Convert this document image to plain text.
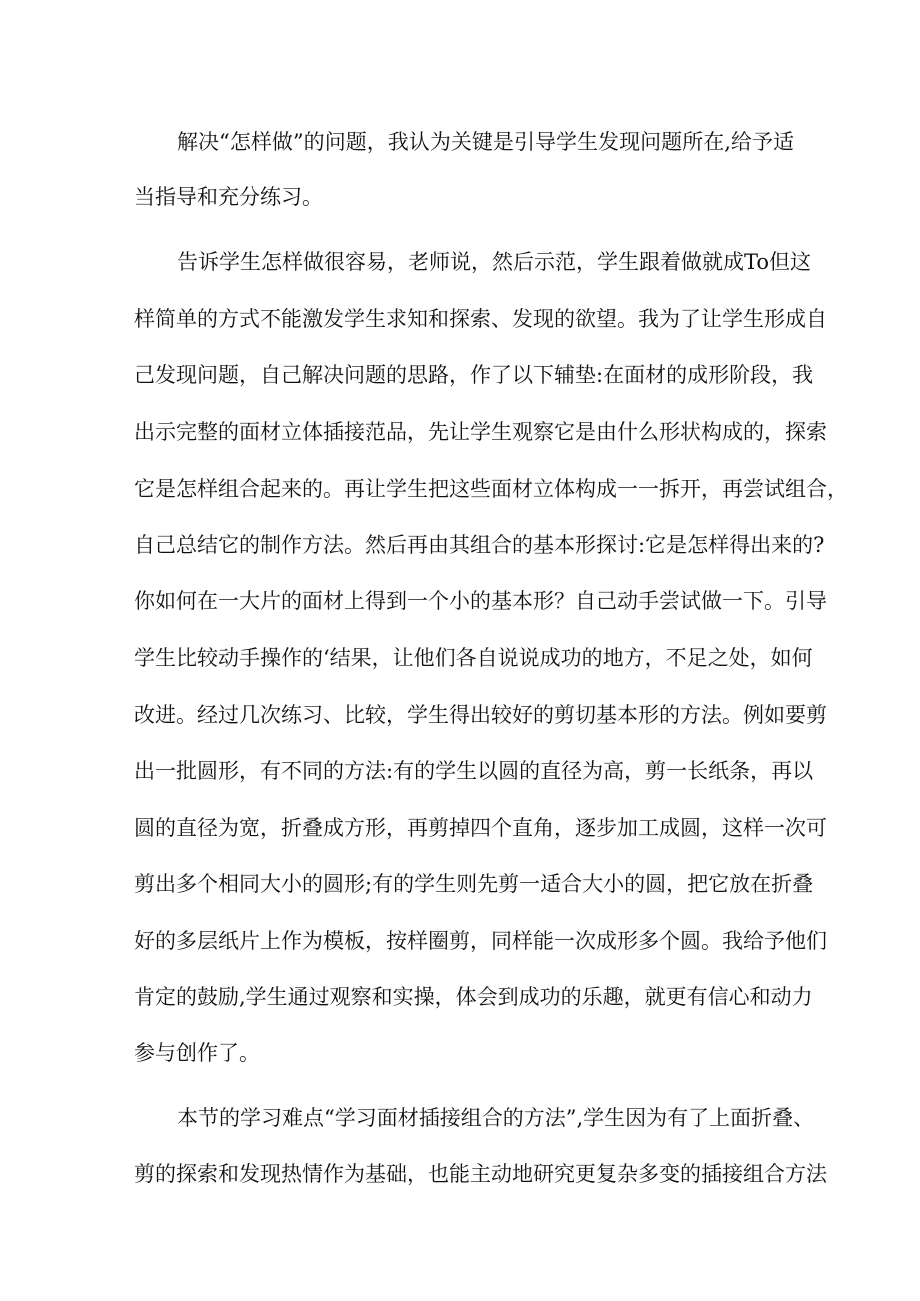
解决“怎样做”的问题，我认为关键是引导学生发现问题所在,给予适
当指导和充分练习。
告诉学生怎样做很容易，老师说，然后示范，学生跟着做就成To但这
样简单的方式不能激发学生求知和探索、发现的欲望。我为了让学生形成自
己发现问题，自己解决问题的思路，作了以下辅垫:在面材的成形阶段，我
出示完整的面材立体插接范品，先让学生观察它是由什么形状构成的，探索
它是怎样组合起来的。再让学生把这些面材立体构成一一拆开，再尝试组合，
自己总结它的制作方法。然后再由其组合的基本形探讨:它是怎样得出来的?
你如何在一大片的面材上得到一个小的基本形？自己动手尝试做一下。引导
学生比较动手操作的‘结果，让他们各自说说成功的地方，不足之处，如何
改进。经过几次练习、比较，学生得出较好的剪切基本形的方法。例如要剪
出一批圆形，有不同的方法:有的学生以圆的直径为高，剪一长纸条，再以
圆的直径为宽，折叠成方形，再剪掉四个直角，逐步加工成圆，这样一次可
剪出多个相同大小的圆形;有的学生则先剪一适合大小的圆，把它放在折叠
好的多层纸片上作为模板，按样圈剪，同样能一次成形多个圆。我给予他们
肯定的鼓励,学生通过观察和实操，体会到成功的乐趣，就更有信心和动力
参与创作了。
本节的学习难点“学习面材插接组合的方法”,学生因为有了上面折叠、
剪的探索和发现热情作为基础，也能主动地研究更复杂多变的插接组合方法
